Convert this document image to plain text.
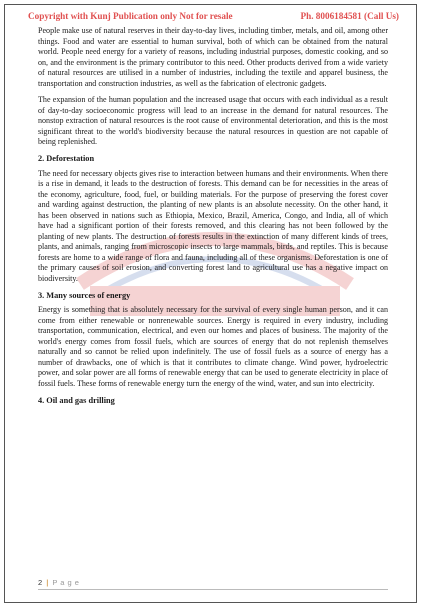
Copyright with Kunj Publication only Not for resale	Ph. 8006184581 (Call Us)

People make use of natural reserves in their day-to-day lives, including timber, metals, and oil, among other things. Food and water are essential to human survival, both of which can be obtained from the natural world. People need energy for a variety of reasons, including industrial purposes, domestic cooking, and so on, and the environment is the primary contributor to this need. Other products derived from a wide variety of natural resources are utilised in a number of industries, including the textile and apparel business, the transportation and construction industries, as well as the fabrication of electronic gadgets.

The expansion of the human population and the increased usage that occurs with each individual as a result of day-to-day socioeconomic progress will lead to an increase in the demand for natural resources. The nonstop extraction of natural resources is the root cause of environmental deterioration, and this is the most significant threat to the world's biodiversity because the natural resources in question are not capable of being replenished.

2. Deforestation

The need for necessary objects gives rise to interaction between humans and their environments. When there is a rise in demand, it leads to the destruction of forests. This demand can be for necessities in the areas of the economy, agriculture, food, fuel, or building materials. For the purpose of preserving the forest cover and warding against destruction, the planting of new plants is an absolute necessity. On the other hand, it has been observed in nations such as Ethiopia, Mexico, Brazil, America, Congo, and India, all of which have had a significant portion of their forests removed, and this clearing has not been followed by the planting of new plants. The destruction of forests results in the extinction of many different kinds of trees, plants, and animals, ranging from microscopic insects to large mammals, birds, and reptiles. This is because forests are home to a wide range of flora and fauna, including all of these organisms. Deforestation is one of the primary causes of soil erosion, and converting forest land to agricultural use has a negative impact on biodiversity.

3. Many sources of energy

Energy is something that is absolutely necessary for the survival of every single human person, and it can come from either renewable or nonrenewable sources. Energy is required in every industry, including transportation, communication, electrical, and even our homes and places of business. The majority of the world's energy comes from fossil fuels, which are sources of energy that do not replenish themselves naturally and so cannot be relied upon indefinitely. The use of fossil fuels as a source of energy has a number of drawbacks, one of which is that it contributes to climate change. Wind power, hydroelectric power, and solar power are all forms of renewable energy that can be used to generate electricity in place of fossil fuels. These forms of renewable energy turn the energy of the wind, water, and sun into electricity.

4. Oil and gas drilling
2 | P a g e
